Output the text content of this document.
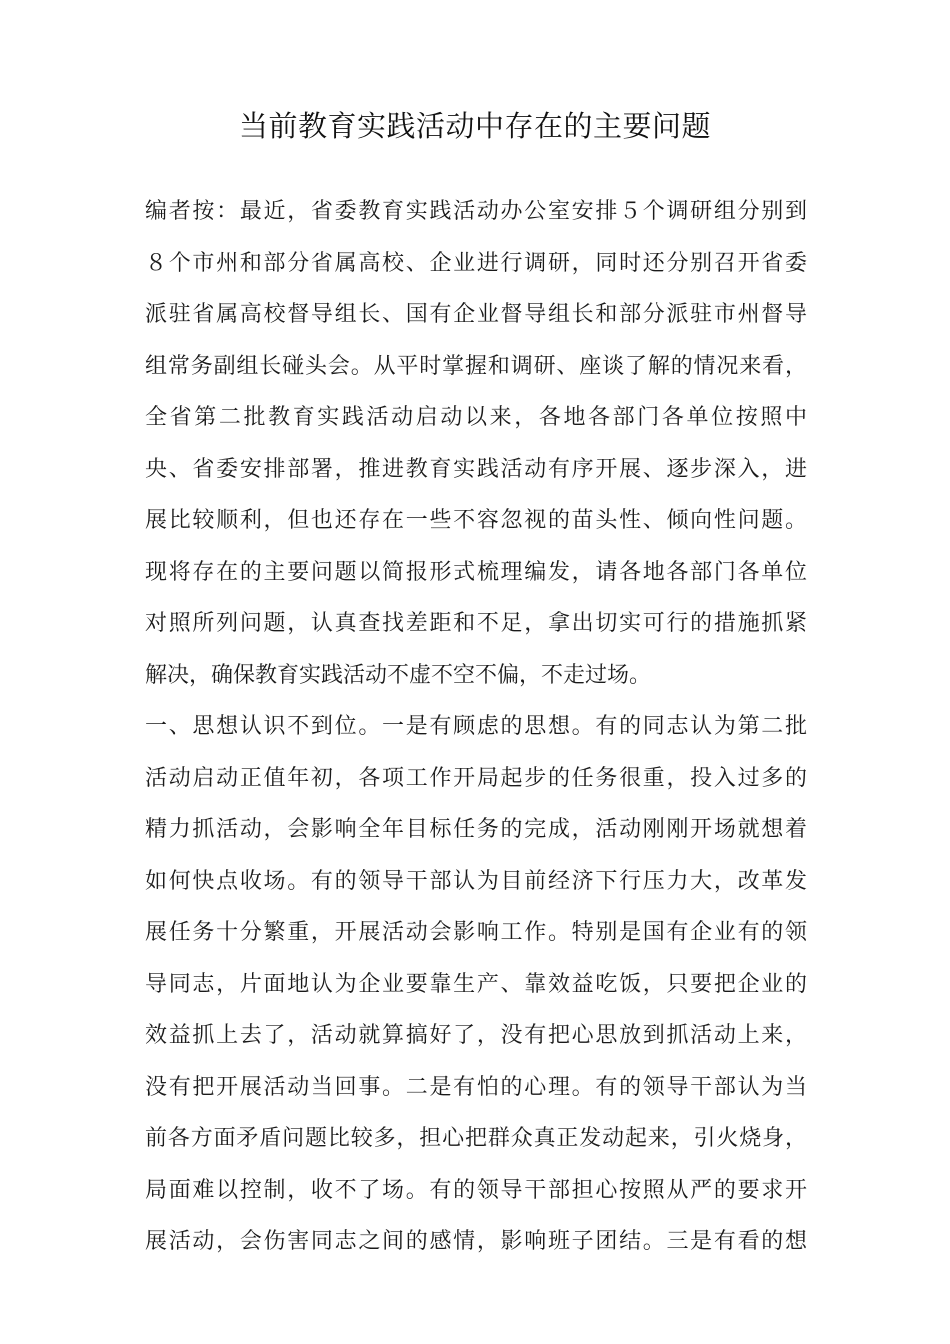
当前教育实践活动中存在的主要问题
编者按：最近，省委教育实践活动办公室安排５个调研组分别到
８个市州和部分省属高校、企业进行调研，同时还分别召开省委
派驻省属高校督导组长、国有企业督导组长和部分派驻市州督导
组常务副组长碰头会。从平时掌握和调研、座谈了解的情况来看，
全省第二批教育实践活动启动以来，各地各部门各单位按照中
央、省委安排部署，推进教育实践活动有序开展、逐步深入，进
展比较顺利，但也还存在一些不容忽视的苗头性、倾向性问题。
现将存在的主要问题以简报形式梳理编发，请各地各部门各单位
对照所列问题，认真查找差距和不足，拿出切实可行的措施抓紧
解决，确保教育实践活动不虚不空不偏，不走过场。
一、思想认识不到位。一是有顾虑的思想。有的同志认为第二批
活动启动正值年初，各项工作开局起步的任务很重，投入过多的
精力抓活动，会影响全年目标任务的完成，活动刚刚开场就想着
如何快点收场。有的领导干部认为目前经济下行压力大，改革发
展任务十分繁重，开展活动会影响工作。特别是国有企业有的领
导同志，片面地认为企业要靠生产、靠效益吃饭，只要把企业的
效益抓上去了，活动就算搞好了，没有把心思放到抓活动上来，
没有把开展活动当回事。二是有怕的心理。有的领导干部认为当
前各方面矛盾问题比较多，担心把群众真正发动起来，引火烧身，
局面难以控制，收不了场。有的领导干部担心按照从严的要求开
展活动，会伤害同志之间的感情，影响班子团结。三是有看的想
